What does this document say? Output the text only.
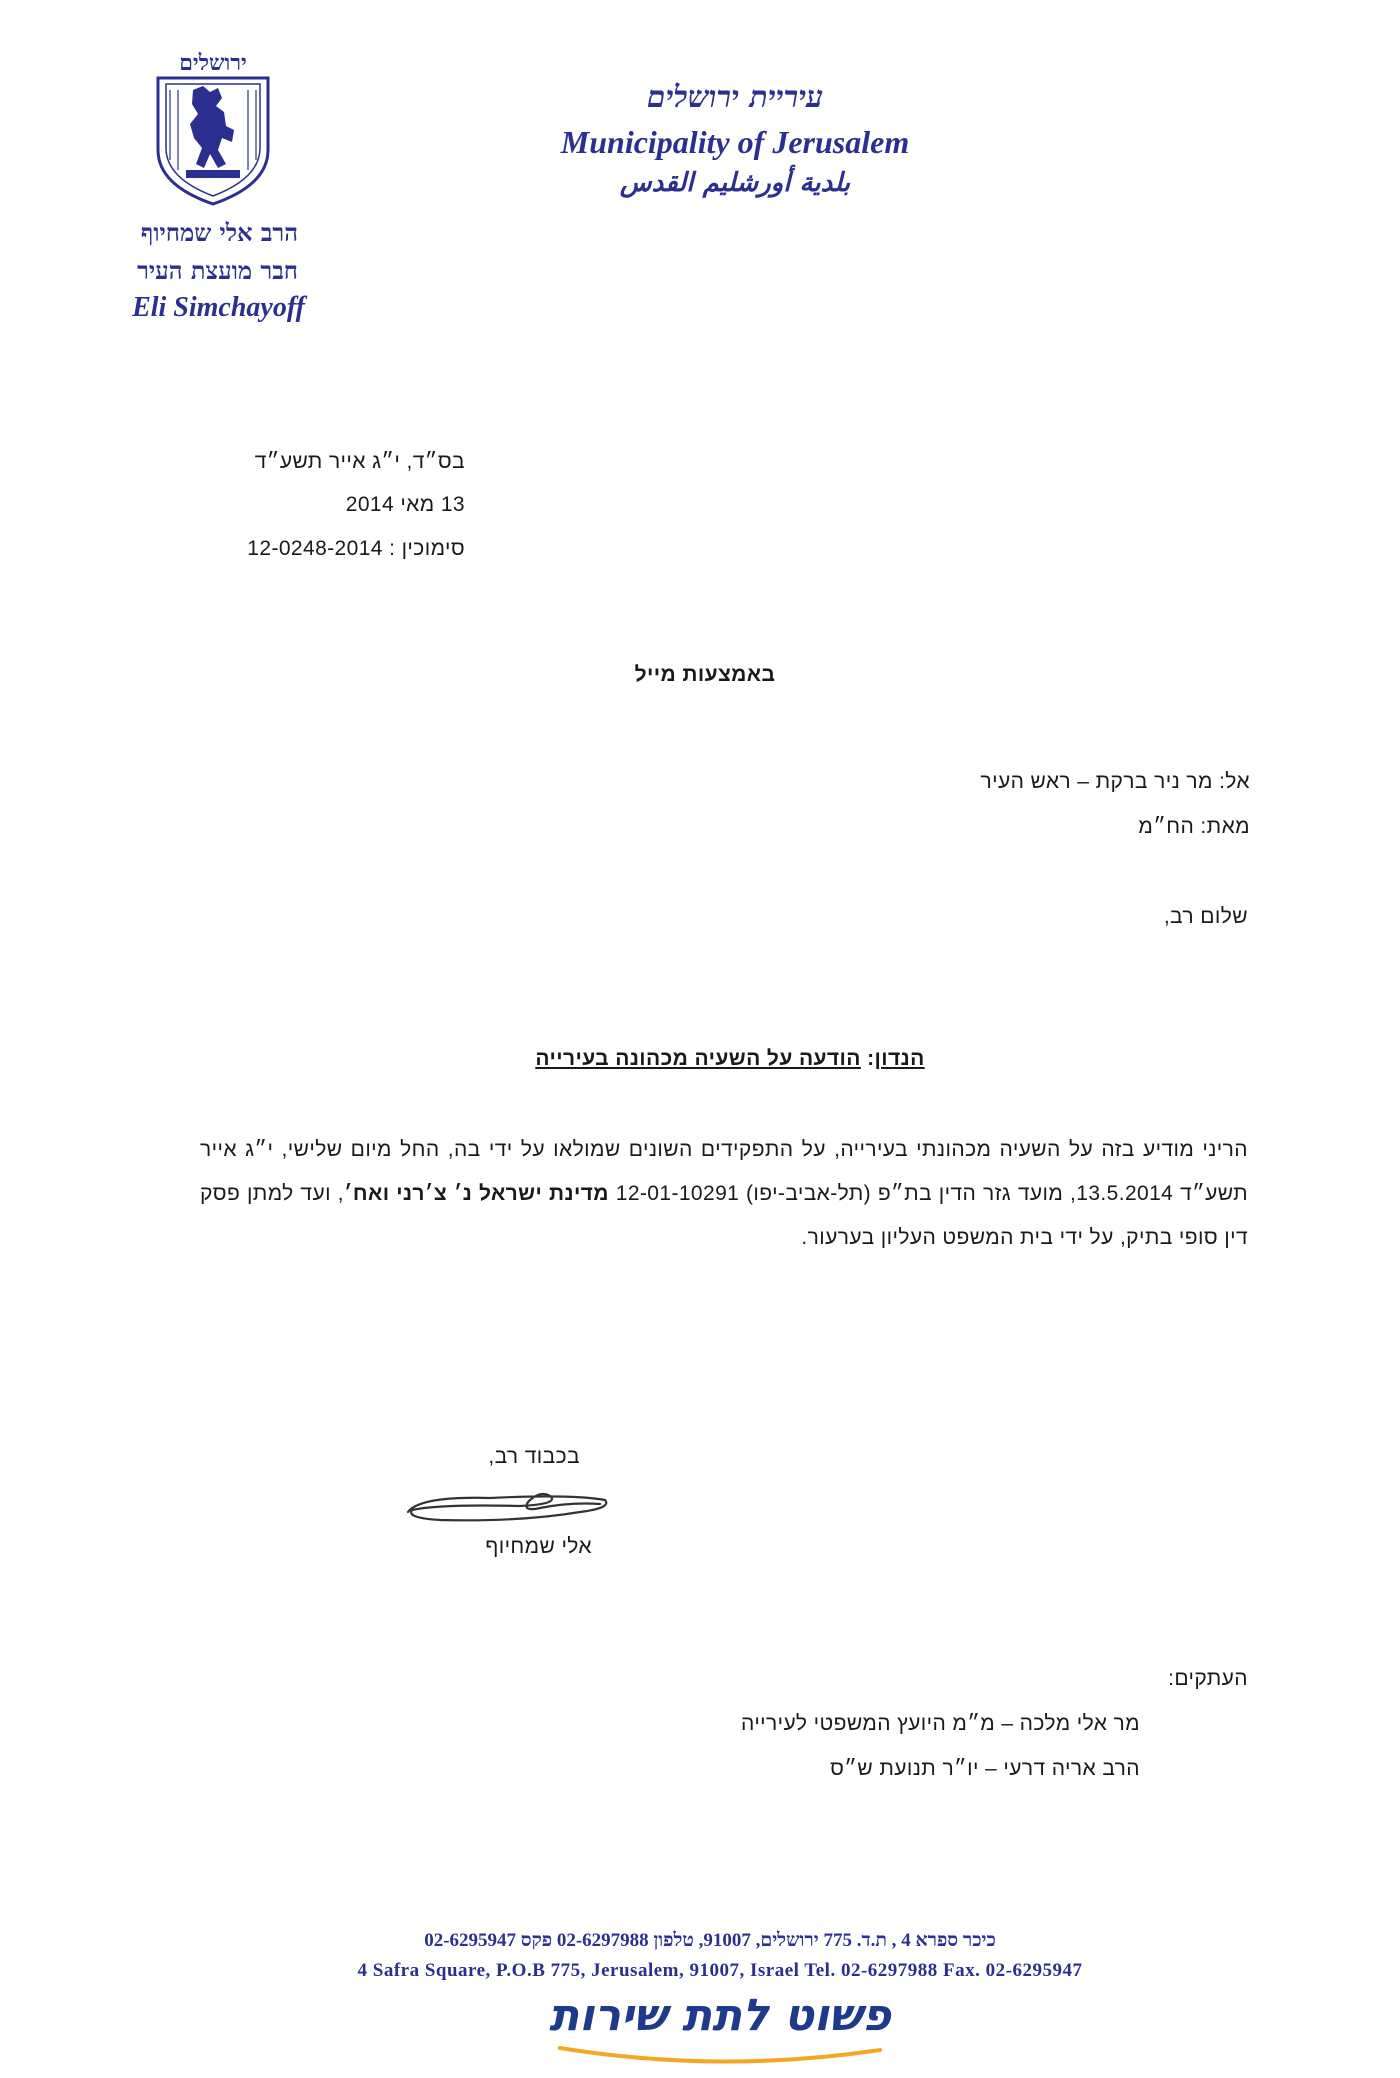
ירושלים
הרב אלי שמחיוף
חבר מועצת העיר
Eli Simchayoff
עיריית ירושלים
Municipality of Jerusalem
بلدية أورشليم القدس
בס״ד, י״ג אייר תשע״ד
13 מאי 2014
סימוכין : 12-0248-2014
באמצעות מייל
אל: מר ניר ברקת – ראש העיר
מאת: הח״מ
שלום רב,
הנדון: הודעה על השעיה מכהונה בעירייה
הריני מודיע בזה על השעיה מכהונתי בעירייה, על התפקידים השונים שמולאו על ידי בה, החל מיום שלישי, י״ג אייר תשע״ד 13.5.2014, מועד גזר הדין בת״פ (תל-אביב-יפו) 12-01-10291 מדינת ישראל נ׳ צ׳רני ואח׳, ועד למתן פסק דין סופי בתיק, על ידי בית המשפט העליון בערעור.
בכבוד רב,
אלי שמחיוף
העתקים:
מר אלי מלכה – מ״מ היועץ המשפטי לעירייה
הרב אריה דרעי – יו״ר תנועת ש״ס
כיכר ספרא 4 , ת.ד. 775 ירושלים, 91007, טלפון 02-6297988 פקס 02-6295947
4 Safra Square, P.O.B 775, Jerusalem, 91007, Israel Tel. 02-6297988 Fax. 02-6295947
פשוט לתת שירות
